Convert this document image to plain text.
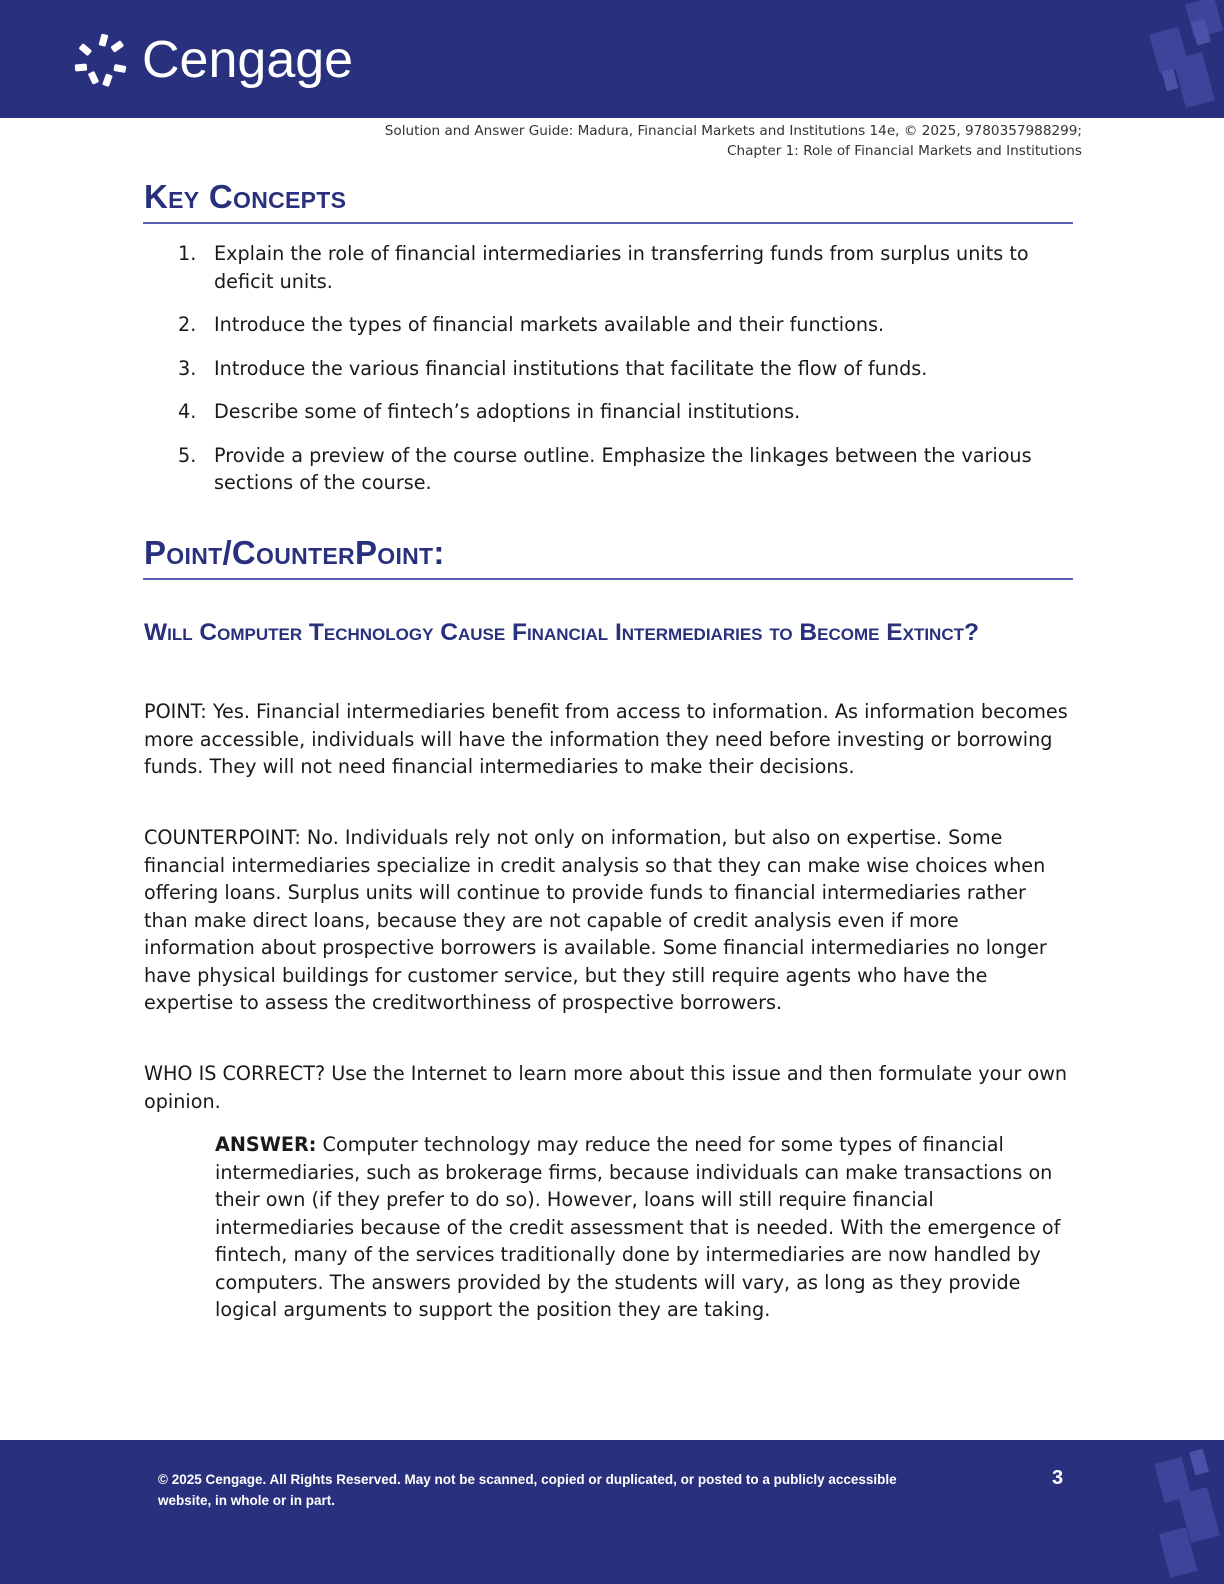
Cengage
Solution and Answer Guide: Madura, Financial Markets and Institutions 14e, © 2025, 9780357988299;
Chapter 1: Role of Financial Markets and Institutions
Key Concepts
1. Explain the role of financial intermediaries in transferring funds from surplus units to deficit units.
2. Introduce the types of financial markets available and their functions.
3. Introduce the various financial institutions that facilitate the flow of funds.
4. Describe some of fintech’s adoptions in financial institutions.
5. Provide a preview of the course outline. Emphasize the linkages between the various sections of the course.
Point/CounterPoint:
Will Computer Technology Cause Financial Intermediaries to Become Extinct?

POINT: Yes. Financial intermediaries benefit from access to information. As information becomes more accessible, individuals will have the information they need before investing or borrowing funds. They will not need financial intermediaries to make their decisions.

COUNTERPOINT: No. Individuals rely not only on information, but also on expertise. Some financial intermediaries specialize in credit analysis so that they can make wise choices when offering loans. Surplus units will continue to provide funds to financial intermediaries rather than make direct loans, because they are not capable of credit analysis even if more information about prospective borrowers is available. Some financial intermediaries no longer have physical buildings for customer service, but they still require agents who have the expertise to assess the creditworthiness of prospective borrowers.

WHO IS CORRECT? Use the Internet to learn more about this issue and then formulate your own opinion.

ANSWER: Computer technology may reduce the need for some types of financial intermediaries, such as brokerage firms, because individuals can make transactions on their own (if they prefer to do so). However, loans will still require financial intermediaries because of the credit assessment that is needed. With the emergence of fintech, many of the services traditionally done by intermediaries are now handled by computers. The answers provided by the students will vary, as long as they provide logical arguments to support the position they are taking.

© 2025 Cengage. All Rights Reserved. May not be scanned, copied or duplicated, or posted to a publicly accessible website, in whole or in part.

3
